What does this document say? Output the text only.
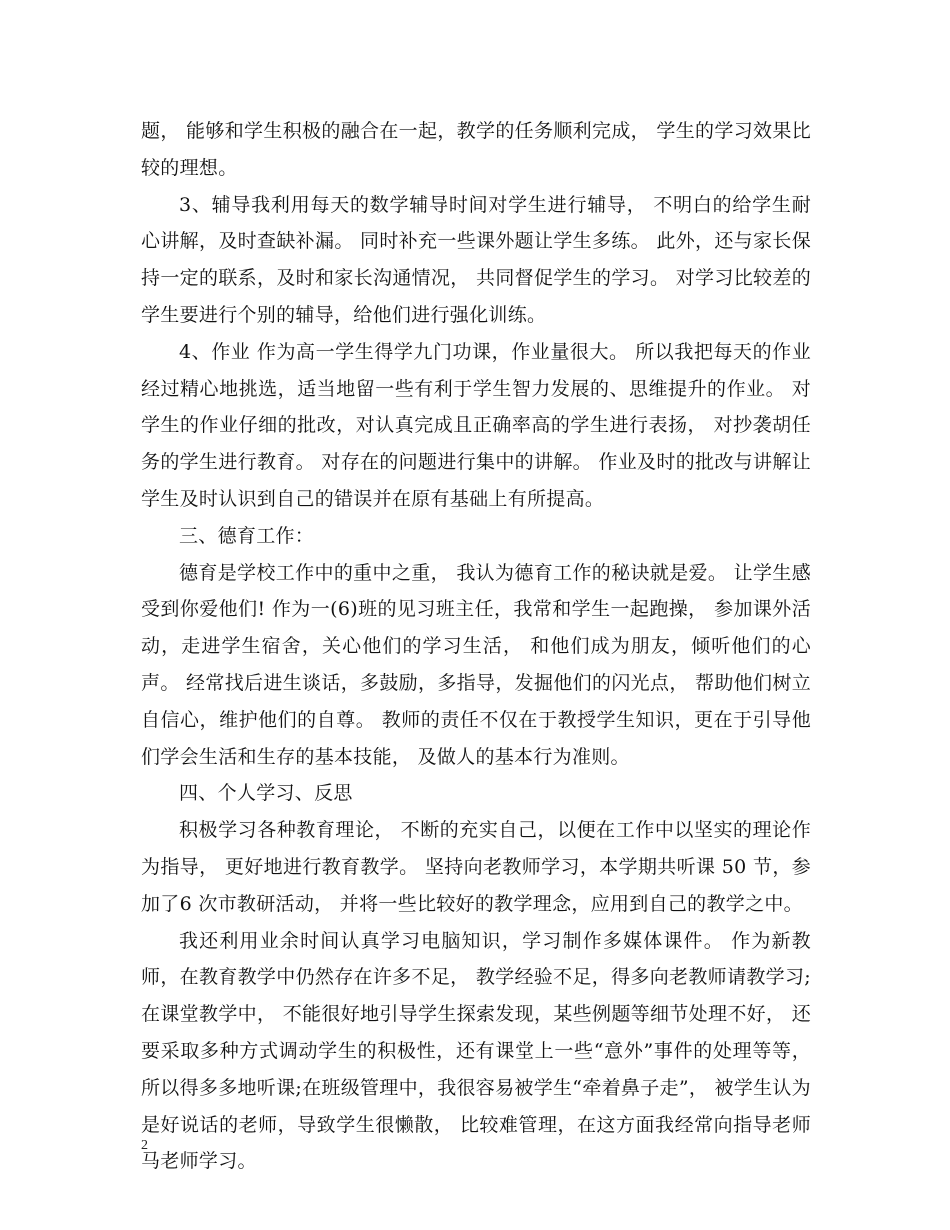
题， 能够和学生积极的融合在一起，教学的任务顺利完成， 学生的学习效果比较的理想。

3、辅导我利用每天的数学辅导时间对学生进行辅导， 不明白的给学生耐心讲解，及时查缺补漏。 同时补充一些课外题让学生多练。 此外，还与家长保持一定的联系，及时和家长沟通情况， 共同督促学生的学习。 对学习比较差的学生要进行个别的辅导，给他们进行强化训练。

4、作业 作为高一学生得学九门功课，作业量很大。 所以我把每天的作业经过精心地挑选，适当地留一些有利于学生智力发展的、思维提升的作业。 对学生的作业仔细的批改，对认真完成且正确率高的学生进行表扬， 对抄袭胡任务的学生进行教育。 对存在的问题进行集中的讲解。 作业及时的批改与讲解让学生及时认识到自己的错误并在原有基础上有所提高。

三、德育工作：

德育是学校工作中的重中之重， 我认为德育工作的秘诀就是爱。 让学生感受到你爱他们! 作为一(6)班的见习班主任，我常和学生一起跑操， 参加课外活动，走进学生宿舍，关心他们的学习生活， 和他们成为朋友，倾听他们的心声。 经常找后进生谈话，多鼓励，多指导，发掘他们的闪光点， 帮助他们树立自信心，维护他们的自尊。 教师的责任不仅在于教授学生知识，更在于引导他们学会生活和生存的基本技能， 及做人的基本行为准则。

四、个人学习、反思

积极学习各种教育理论， 不断的充实自己，以便在工作中以坚实的理论作为指导， 更好地进行教育教学。 坚持向老教师学习，本学期共听课 50 节，参加了6 次市教研活动， 并将一些比较好的教学理念，应用到自己的教学之中。

我还利用业余时间认真学习电脑知识，学习制作多媒体课件。 作为新教师，在教育教学中仍然存在许多不足， 教学经验不足，得多向老教师请教学习;在课堂教学中， 不能很好地引导学生探索发现，某些例题等细节处理不好， 还要采取多种方式调动学生的积极性，还有课堂上一些“意外”事件的处理等等， 所以得多多地听课;在班级管理中，我很容易被学生“牵着鼻子走”， 被学生认为是好说话的老师，导致学生很懒散， 比较难管理，在这方面我经常向指导老师马老师学习。

2
